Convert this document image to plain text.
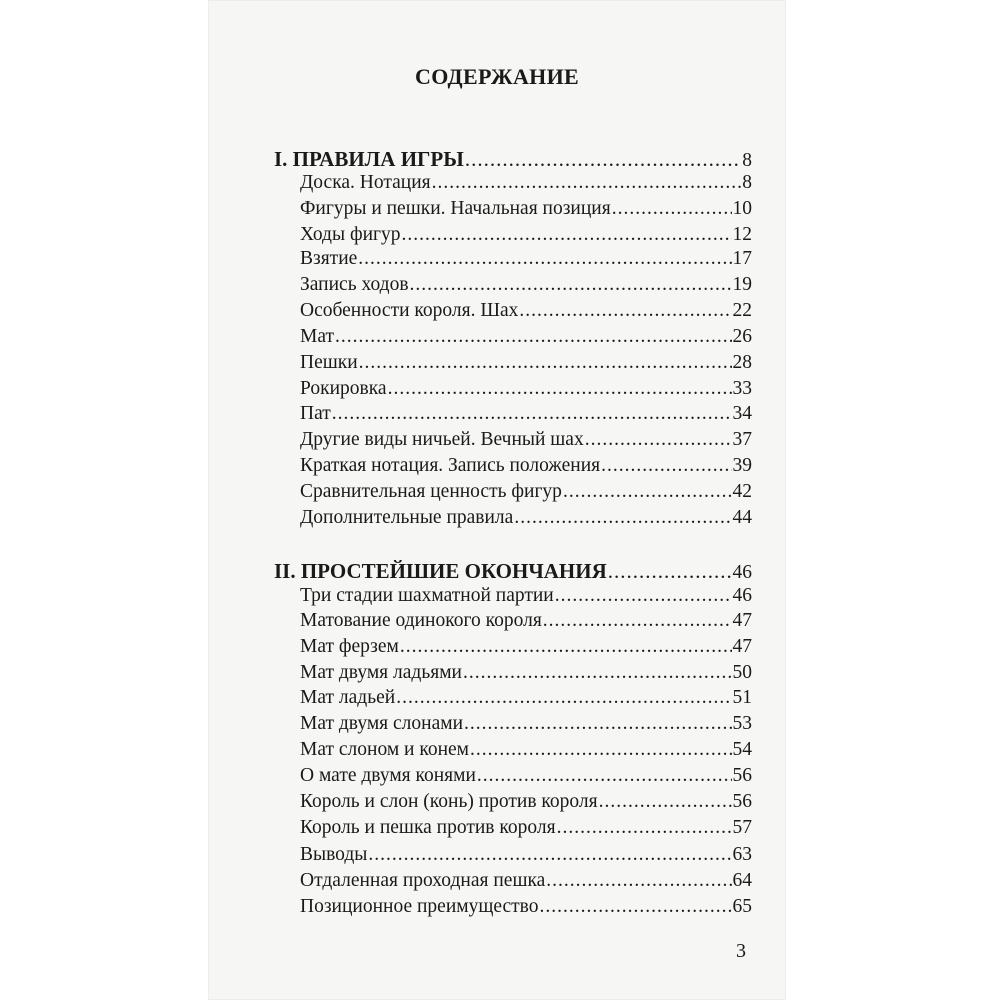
СОДЕРЖАНИЕ
I. ПРАВИЛА ИГРЫ .....	8
Доска. Нотация .....	8
Фигуры и пешки. Начальная позиция .....	10
Ходы фигур .....	12
Взятие .....	17
Запись ходов .....	19
Особенности короля. Шах .....	22
Мат .....	26
Пешки .....	28
Рокировка .....	33
Пат .....	34
Другие виды ничьей. Вечный шах .....	37
Краткая нотация. Запись положения .....	39
Сравнительная ценность фигур .....	42
Дополнительные правила .....	44
II. ПРОСТЕЙШИЕ ОКОНЧАНИЯ .....	46
Три стадии шахматной партии .....	46
Матование одинокого короля .....	47
Мат ферзем .....	47
Мат двумя ладьями .....	50
Мат ладьей .....	51
Мат двумя слонами .....	53
Мат слоном и конем .....	54
О мате двумя конями .....	56
Король и слон (конь) против короля .....	56
Король и пешка против короля .....	57
Выводы .....	63
Отдаленная проходная пешка .....	64
Позиционное преимущество .....	65
3
